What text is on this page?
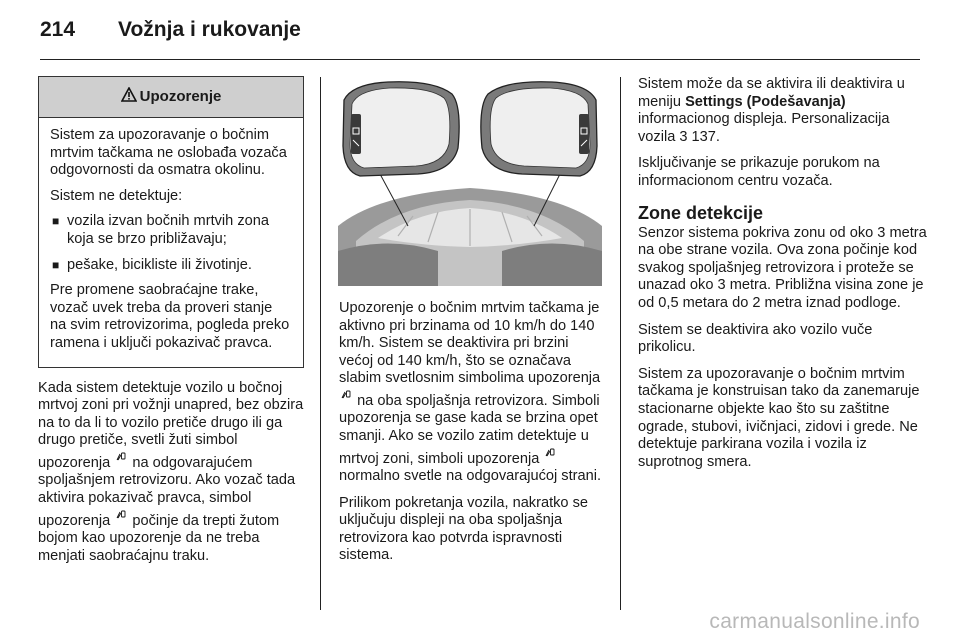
214	Vožnja i rukovanje
Upozorenje

Sistem za upozoravanje o bočnim mrtvim tačkama ne oslobađa vozača odgovornosti da osmatra okolinu.

Sistem ne detektuje:

■ vozila izvan bočnih mrtvih zona koja se brzo približavaju;
■ pešake, bicikliste ili životinje.

Pre promene saobraćajne trake, vozač uvek treba da proveri stanje na svim retrovizorima, pogleda preko ramena i uključi pokazivač pravca.

Kada sistem detektuje vozilo u bočnoj mrtvoj zoni pri vožnji unapred, bez obzira na to da li to vozilo pretiče drugo ili ga drugo pretiče, svetli žuti simbol upozorenja na odgovarajućem spoljašnjem retrovizoru. Ako vozač tada aktivira pokazivač pravca, simbol upozorenja počinje da trepti žutom bojom kao upozorenje da ne treba menjati saobraćajnu traku.

Upozorenje o bočnim mrtvim tačkama je aktivno pri brzinama od 10 km/h do 140 km/h. Sistem se deaktivira pri brzini većoj od 140 km/h, što se označava slabim svetlosnim simbolima upozorenja  na oba spoljašnja retrovizora. Simboli upozorenja se gase kada se brzina opet smanji. Ako se vozilo zatim detektuje u mrtvoj zoni, simboli upozorenja  normalno svetle na odgovarajućoj strani.

Prilikom pokretanja vozila, nakratko se uključuju displeji na oba spoljašnja retrovizora kao potvrda ispravnosti sistema.

Sistem može da se aktivira ili deaktivira u meniju Settings (Podešavanja) informacionog displeja. Personalizacija vozila 3 137.

Isključivanje se prikazuje porukom na informacionom centru vozača.

Zone detekcije

Senzor sistema pokriva zonu od oko 3 metra na obe strane vozila. Ova zona počinje kod svakog spoljašnjeg retrovizora i proteže se unazad oko 3 metra. Približna visina zone je od 0,5 metara do 2 metra iznad podloge.

Sistem se deaktivira ako vozilo vuče prikolicu.

Sistem za upozoravanje o bočnim mrtvim tačkama je konstruisan tako da zanemaruje stacionarne objekte kao što su zaštitne ograde, stubovi, ivičnjaci, zidovi i grede. Ne detektuje parkirana vozila i vozila iz suprotnog smera.

carmanualsonline.info
